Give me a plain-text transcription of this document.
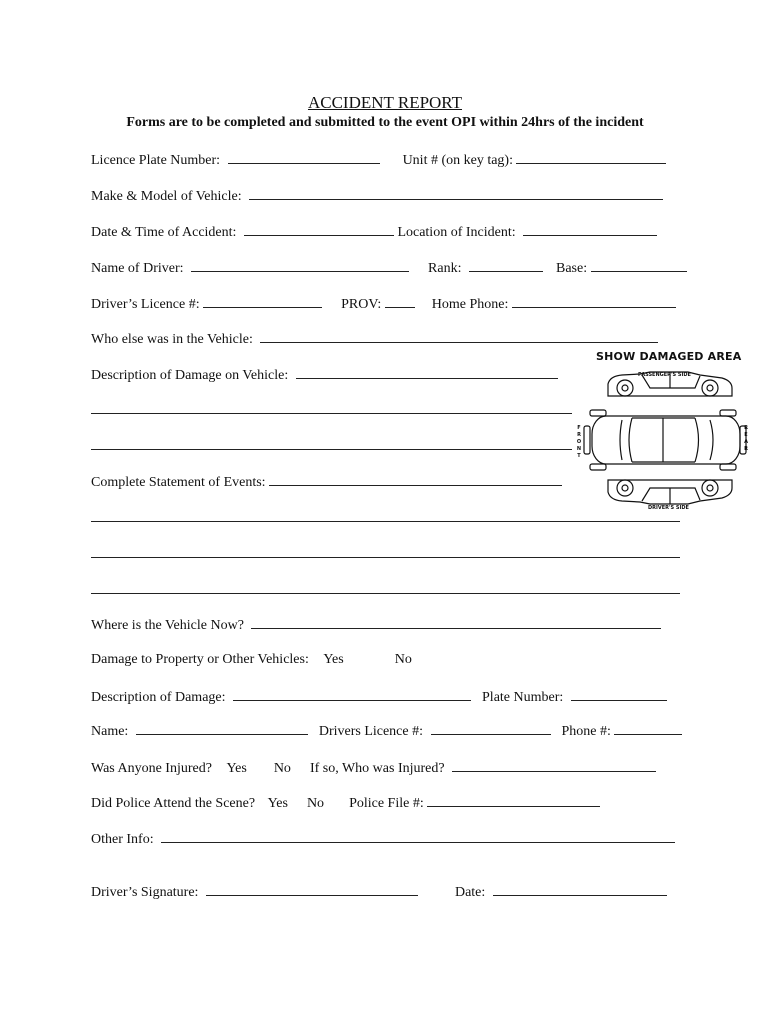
ACCIDENT REPORT
Forms are to be completed and submitted to the event OPI within 24hrs of the incident
Licence Plate Number:	Unit # (on key tag):
Make & Model of Vehicle:
Date & Time of Accident:	Location of Incident:
Name of Driver:	Rank:	Base:
Driver’s Licence #:	PROV:	Home Phone:
Who else was in the Vehicle:
Description of Damage on Vehicle:
Complete Statement of Events:
Where is the Vehicle Now?
Damage to Property or Other Vehicles: Yes	No
Description of Damage:	Plate Number:
Name:	Drivers Licence #:	Phone #:
Was Anyone Injured? Yes No If so, Who was Injured?
Did Police Attend the Scene? Yes No Police File #:
Other Info:
Driver’s Signature:	Date:
SHOW DAMAGED AREA
PASSENGER'S SIDE
DRIVER'S SIDE
F
R
O
N
T
R
E
A
R
